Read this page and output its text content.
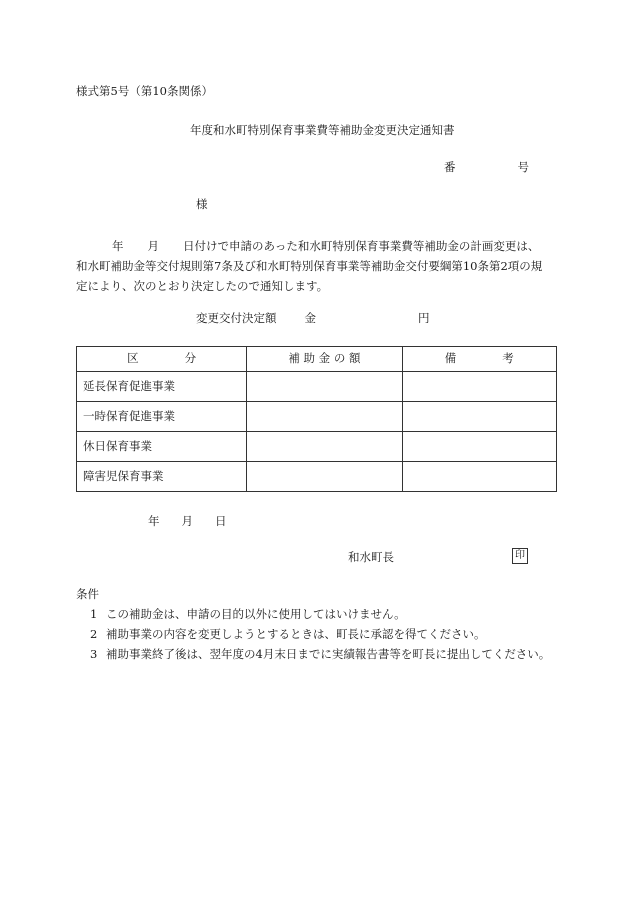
様式第5号（第10条関係）
年度和水町特別保育事業費等補助金変更決定通知書
番	号
様
年 月 日付けで申請のあった和水町特別保育事業費等補助金の計画変更は、
和水町補助金等交付規則第7条及び和水町特別保育事業等補助金交付要綱第10条第2項の規
定により、次のとおり決定したので通知します。
変更交付決定額 金	円
区　　　　分	補 助 金 の 額	備　　　　考
延長保育促進事業		
一時保育促進事業		
休日保育事業		
障害児保育事業		
年 月 日
和水町長	印
条件
1 この補助金は、申請の目的以外に使用してはいけません。
2 補助事業の内容を変更しようとするときは、町長に承認を得てください。
3 補助事業終了後は、翌年度の4月末日までに実績報告書等を町長に提出してください。
